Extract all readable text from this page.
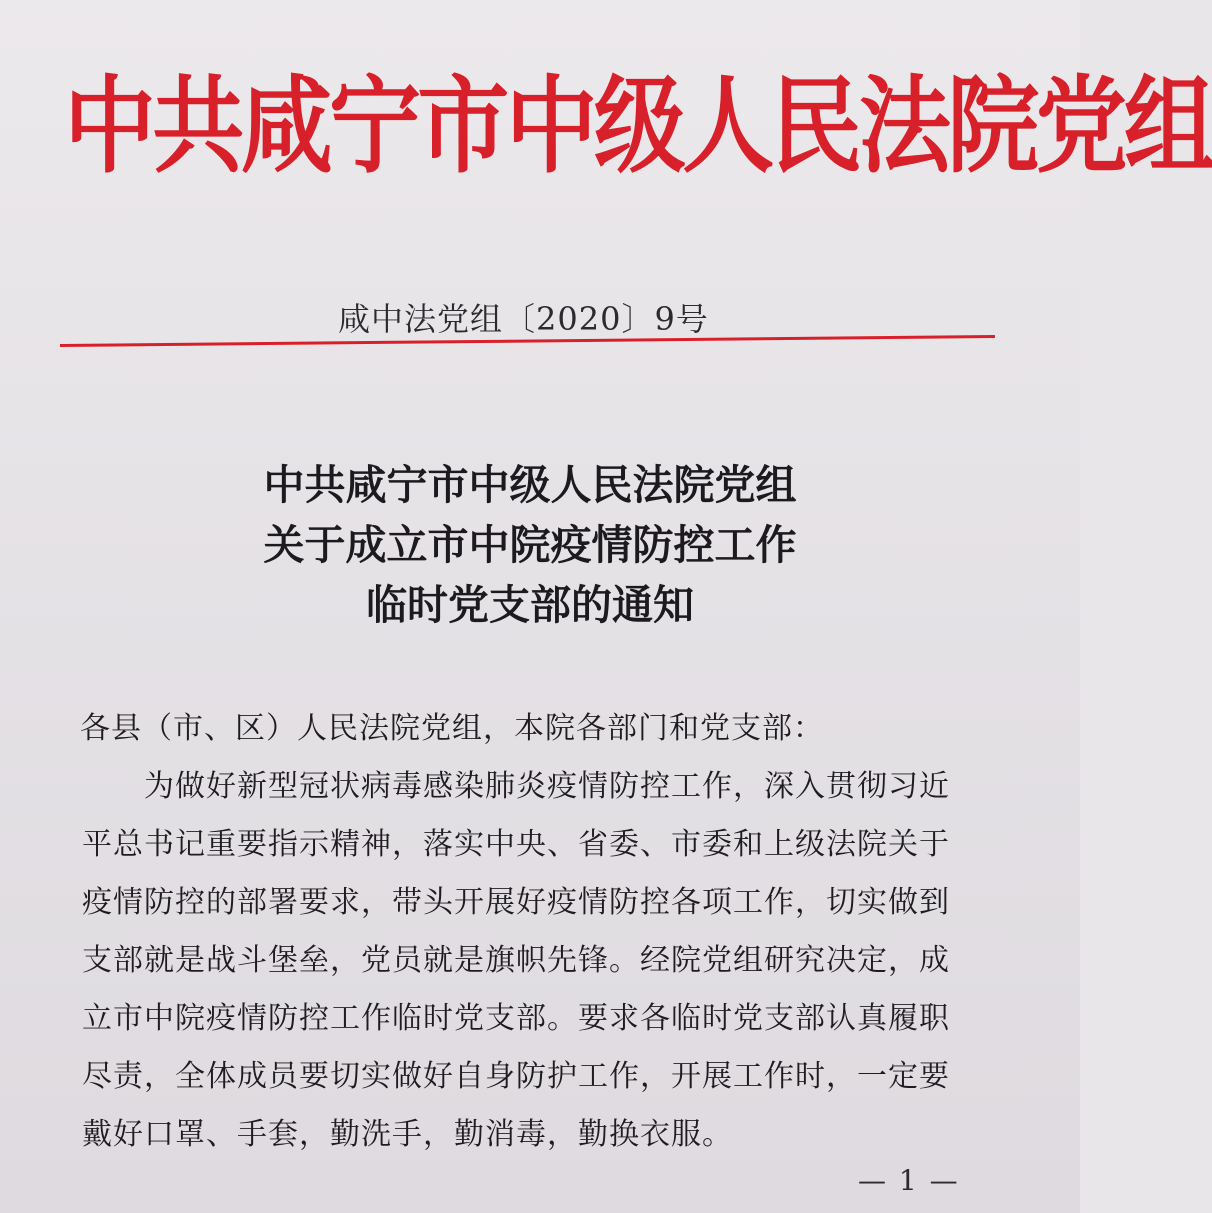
中共咸宁市中级人民法院党组
咸中法党组〔2020〕9号
中共咸宁市中级人民法院党组
关于成立市中院疫情防控工作
临时党支部的通知
各县（市、区）人民法院党组，本院各部门和党支部：
为做好新型冠状病毒感染肺炎疫情防控工作，深入贯彻习近
平总书记重要指示精神，落实中央、省委、市委和上级法院关于
疫情防控的部署要求，带头开展好疫情防控各项工作，切实做到
支部就是战斗堡垒，党员就是旗帜先锋。经院党组研究决定，成
立市中院疫情防控工作临时党支部。要求各临时党支部认真履职
尽责，全体成员要切实做好自身防护工作，开展工作时，一定要
戴好口罩、手套，勤洗手，勤消毒，勤换衣服。
— 1 —
